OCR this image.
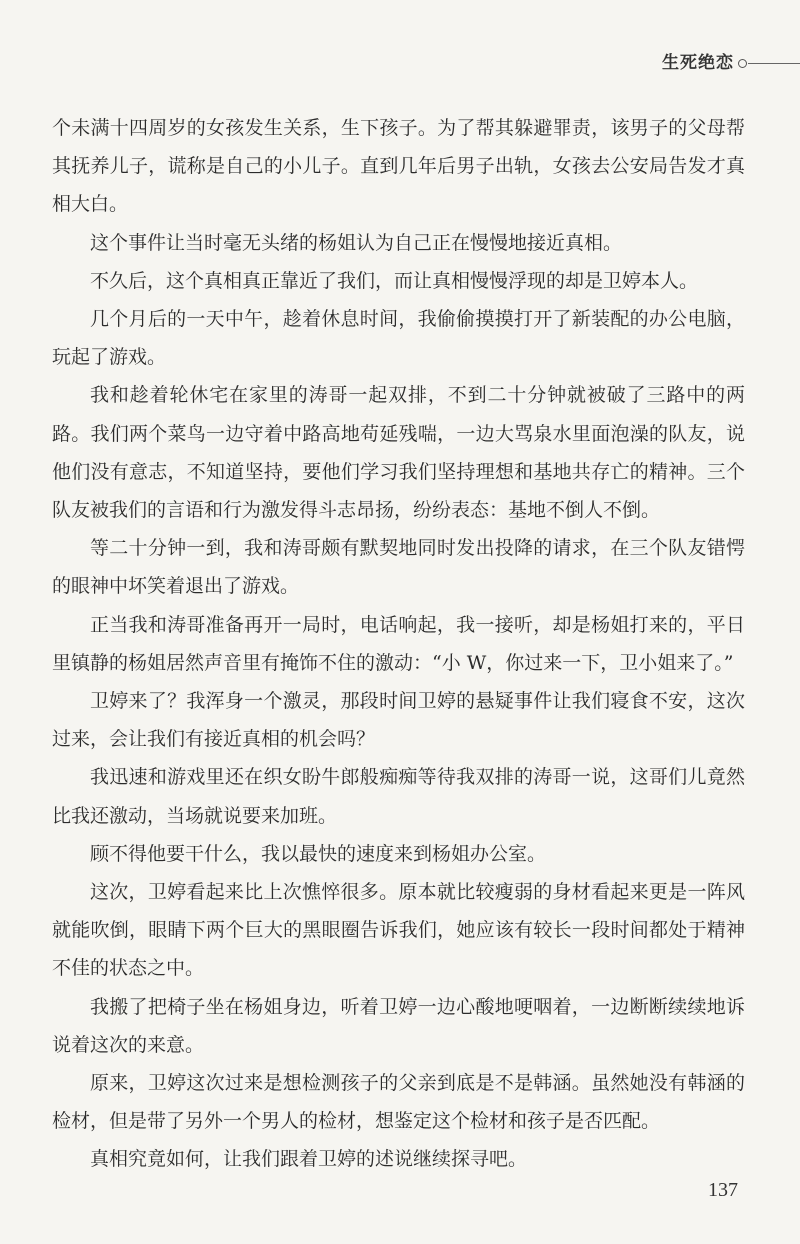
生死绝恋

个未满十四周岁的女孩发生关系，生下孩子。为了帮其躲避罪责，该男子的父母帮其抚养儿子，谎称是自己的小儿子。直到几年后男子出轨，女孩去公安局告发才真相大白。

这个事件让当时毫无头绪的杨姐认为自己正在慢慢地接近真相。

不久后，这个真相真正靠近了我们，而让真相慢慢浮现的却是卫婷本人。

几个月后的一天中午，趁着休息时间，我偷偷摸摸打开了新装配的办公电脑，玩起了游戏。

我和趁着轮休宅在家里的涛哥一起双排，不到二十分钟就被破了三路中的两路。我们两个菜鸟一边守着中路高地苟延残喘，一边大骂泉水里面泡澡的队友，说他们没有意志，不知道坚持，要他们学习我们坚持理想和基地共存亡的精神。三个队友被我们的言语和行为激发得斗志昂扬，纷纷表态：基地不倒人不倒。

等二十分钟一到，我和涛哥颇有默契地同时发出投降的请求，在三个队友错愕的眼神中坏笑着退出了游戏。

正当我和涛哥准备再开一局时，电话响起，我一接听，却是杨姐打来的，平日里镇静的杨姐居然声音里有掩饰不住的激动：“小 W，你过来一下，卫小姐来了。”

卫婷来了？我浑身一个激灵，那段时间卫婷的悬疑事件让我们寝食不安，这次过来，会让我们有接近真相的机会吗？

我迅速和游戏里还在织女盼牛郎般痴痴等待我双排的涛哥一说，这哥们儿竟然比我还激动，当场就说要来加班。

顾不得他要干什么，我以最快的速度来到杨姐办公室。

这次，卫婷看起来比上次憔悴很多。原本就比较瘦弱的身材看起来更是一阵风就能吹倒，眼睛下两个巨大的黑眼圈告诉我们，她应该有较长一段时间都处于精神不佳的状态之中。

我搬了把椅子坐在杨姐身边，听着卫婷一边心酸地哽咽着，一边断断续续地诉说着这次的来意。

原来，卫婷这次过来是想检测孩子的父亲到底是不是韩涵。虽然她没有韩涵的检材，但是带了另外一个男人的检材，想鉴定这个检材和孩子是否匹配。

真相究竟如何，让我们跟着卫婷的述说继续探寻吧。

137
